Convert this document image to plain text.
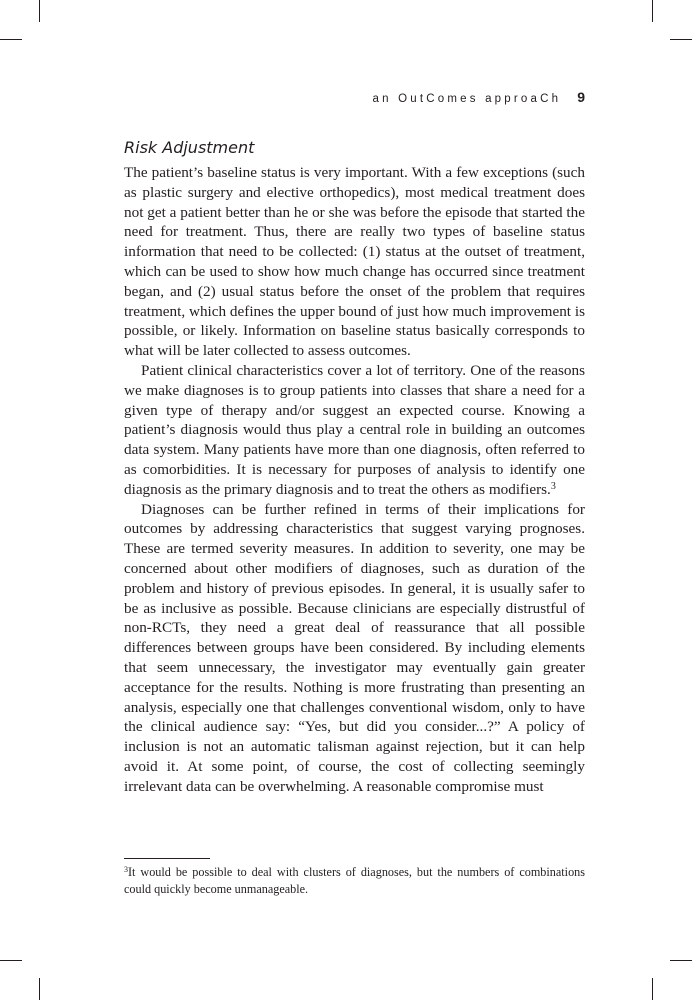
an OutComes approaCh 9
Risk Adjustment

The patient’s baseline status is very important. With a few exceptions (such as plastic surgery and elective orthopedics), most medical treatment does not get a patient better than he or she was before the episode that started the need for treatment. Thus, there are really two types of baseline status information that need to be collected: (1) status at the outset of treatment, which can be used to show how much change has occurred since treatment began, and (2) usual status before the onset of the problem that requires treatment, which defines the upper bound of just how much improvement is possible, or likely. Information on baseline status basically corresponds to what will be later collected to assess outcomes.

Patient clinical characteristics cover a lot of territory. One of the reasons we make diagnoses is to group patients into classes that share a need for a given type of therapy and/or suggest an expected course. Knowing a patient’s diagnosis would thus play a central role in building an outcomes data system. Many patients have more than one diagnosis, often referred to as comorbidities. It is necessary for purposes of analysis to identify one diagnosis as the primary diagnosis and to treat the others as modifiers.$^3$

Diagnoses can be further refined in terms of their implications for outcomes by addressing characteristics that suggest varying prognoses. These are termed severity measures. In addition to severity, one may be concerned about other modifiers of diagnoses, such as duration of the problem and history of previous episodes. In general, it is usually safer to be as inclusive as possible. Because clinicians are especially distrustful of non-RCTs, they need a great deal of reassurance that all possible differences between groups have been considered. By including elements that seem unnecessary, the investigator may eventually gain greater acceptance for the results. Nothing is more frustrating than presenting an analysis, especially one that challenges conventional wisdom, only to have the clinical audience say: “Yes, but did you consider...?” A policy of inclusion is not an automatic talisman against rejection, but it can help avoid it. At some point, of course, the cost of collecting seemingly irrelevant data can be overwhelming. A reasonable compromise must

$^3$It would be possible to deal with clusters of diagnoses, but the numbers of combinations could quickly become unmanageable.
